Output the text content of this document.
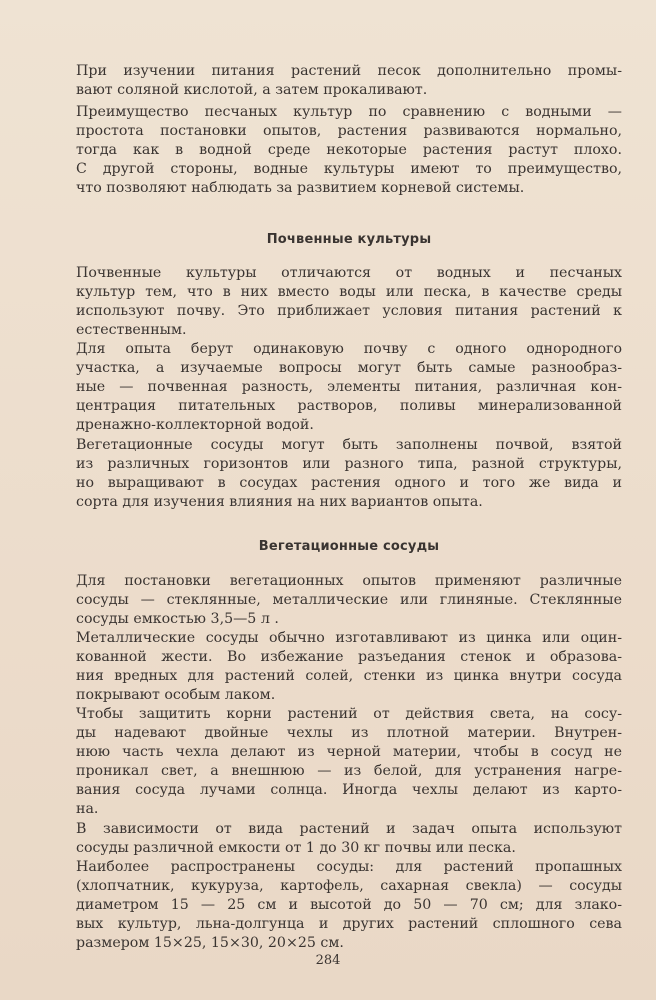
При изучении питания растений песок дополнительно промы-
вают соляной кислотой, а затем прокаливают.
Преимущество песчаных культур по сравнению с водными —
простота постановки опытов, растения развиваются нормально,
тогда как в водной среде некоторые растения растут плохо.
С другой стороны, водные культуры имеют то преимущество,
что позволяют наблюдать за развитием корневой системы.
Почвенные культуры
Почвенные культуры отличаются от водных и песчаных
культур тем, что в них вместо воды или песка, в качестве среды
используют почву. Это приближает условия питания растений к
естественным.
Для опыта берут одинаковую почву с одного однородного
участка, а изучаемые вопросы могут быть самые разнообраз-
ные — почвенная разность, элементы питания, различная кон-
центрация питательных растворов, поливы минерализованной
дренажно-коллекторной водой.
Вегетационные сосуды могут быть заполнены почвой, взятой
из различных горизонтов или разного типа, разной структуры,
но выращивают в сосудах растения одного и того же вида и
сорта для изучения влияния на них вариантов опыта.
Вегетационные сосуды
Для постановки вегетационных опытов применяют различные
сосуды — стеклянные, металлические или глиняные. Стеклянные
сосуды емкостью 3,5—5 л .
Металлические сосуды обычно изготавливают из цинка или оцин-
кованной жести. Во избежание разъедания стенок и образова-
ния вредных для растений солей, стенки из цинка внутри сосуда
покрывают особым лаком.
Чтобы защитить корни растений от действия света, на сосу-
ды надевают двойные чехлы из плотной материи. Внутрен-
нюю часть чехла делают из черной материи, чтобы в сосуд не
проникал свет, а внешнюю — из белой, для устранения нагре-
вания сосуда лучами солнца. Иногда чехлы делают из карто-
на.
В зависимости от вида растений и задач опыта используют
сосуды различной емкости от 1 до 30 кг почвы или песка.
Наиболее распространены сосуды: для растений пропашных
(хлопчатник, кукуруза, картофель, сахарная свекла) — сосуды
диаметром 15 — 25 см и высотой до 50 — 70 см; для злако-
вых культур, льна-долгунца и других растений сплошного сева
размером 15×25, 15×30, 20×25 см.
284
